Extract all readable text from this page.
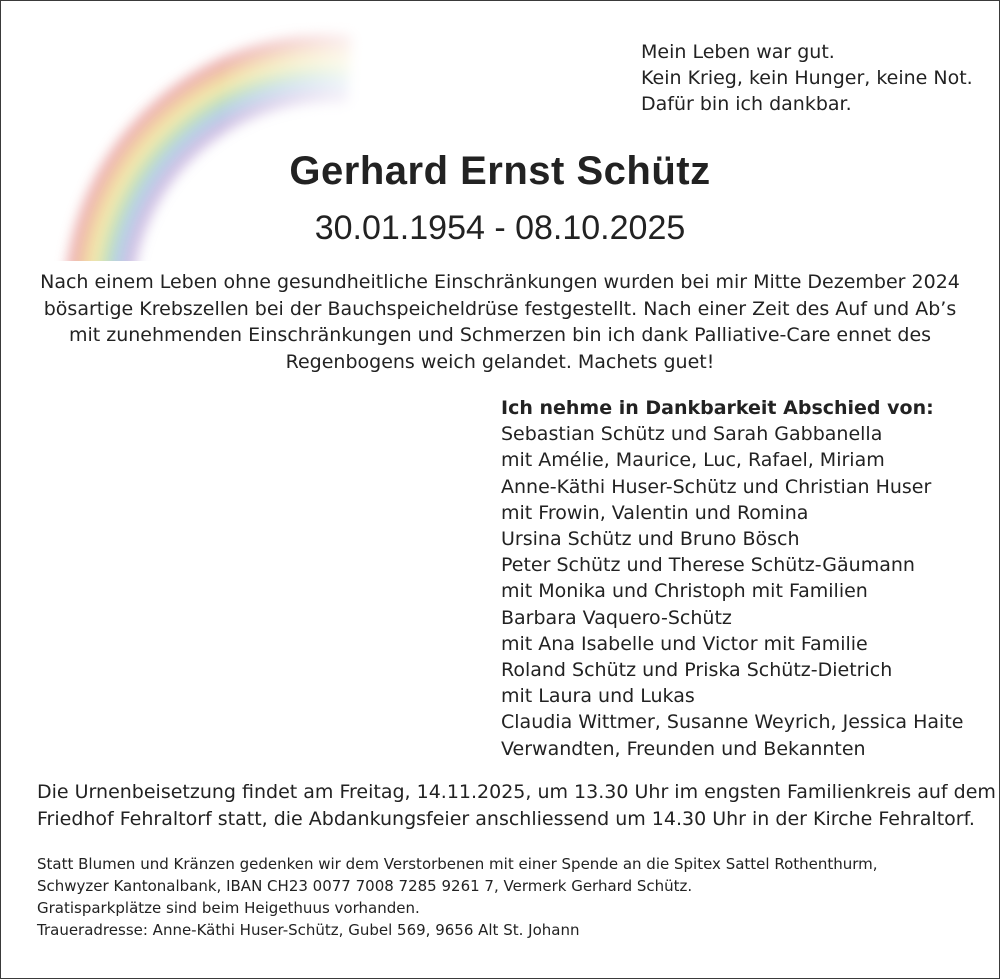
Mein Leben war gut.
Kein Krieg, kein Hunger, keine Not.
Dafür bin ich dankbar.
Gerhard Ernst Schütz
30.01.1954 - 08.10.2025
Nach einem Leben ohne gesundheitliche Einschränkungen wurden bei mir Mitte Dezember 2024
bösartige Krebszellen bei der Bauchspeicheldrüse festgestellt. Nach einer Zeit des Auf und Ab’s
mit zunehmenden Einschränkungen und Schmerzen bin ich dank Palliative-Care ennet des
Regenbogens weich gelandet. Machets guet!
Ich nehme in Dankbarkeit Abschied von:
Sebastian Schütz und Sarah Gabbanella
mit Amélie, Maurice, Luc, Rafael, Miriam
Anne-Käthi Huser-Schütz und Christian Huser
mit Frowin, Valentin und Romina
Ursina Schütz und Bruno Bösch
Peter Schütz und Therese Schütz-Gäumann
mit Monika und Christoph mit Familien
Barbara Vaquero-Schütz
mit Ana Isabelle und Victor mit Familie
Roland Schütz und Priska Schütz-Dietrich
mit Laura und Lukas
Claudia Wittmer, Susanne Weyrich, Jessica Haite
Verwandten, Freunden und Bekannten
Die Urnenbeisetzung findet am Freitag, 14.11.2025, um 13.30 Uhr im engsten Familienkreis auf dem
Friedhof Fehraltorf statt, die Abdankungsfeier anschliessend um 14.30 Uhr in der Kirche Fehraltorf.
Statt Blumen und Kränzen gedenken wir dem Verstorbenen mit einer Spende an die Spitex Sattel Rothenthurm,
Schwyzer Kantonalbank, IBAN CH23 0077 7008 7285 9261 7, Vermerk Gerhard Schütz.
Gratisparkplätze sind beim Heigethuus vorhanden.
Traueradresse: Anne-Käthi Huser-Schütz, Gubel 569, 9656 Alt St. Johann
